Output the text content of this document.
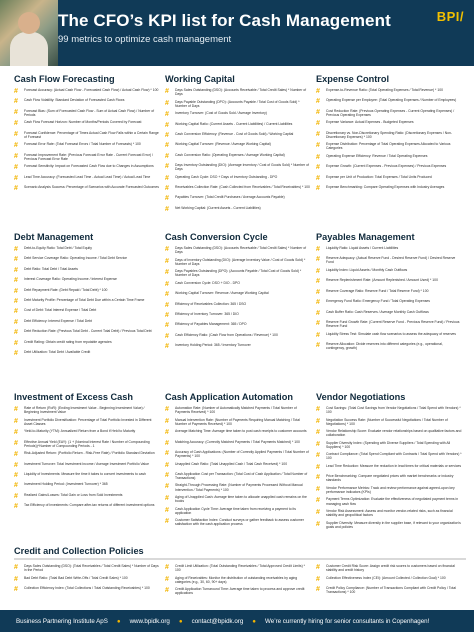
The CFO’s KPI list for Cash Management
99 metrics to optimize cash management
BPI/
Cash Flow Forecasting
#	Forecast Accuracy: (Actual Cash Flow - Forecasted Cash Flow) / Actual Cash Flow) * 100
#	Cash Flow Volatility: Standard Deviation of Forecasted Cash Flows
#	Forecast Bias: (Sum of Forecasted Cash Flow - Sum of Actual Cash Flow) / Number of Periods
#	Cash Flow Forecast Horizon: Number of Months/Periods Covered by Forecast
#	Forecast Confidence: Percentage of Times Actual Cash Flow Falls within a Certain Range of Forecast
#	Forecast Error Rate: (Total Forecast Errors / Total Number of Forecasts) * 100
#	Forecast Improvement Rate: (Previous Forecast Error Rate - Current Forecast Error) / Previous Forecast Error Rate
#	Forecast Sensitivity: Impact on Forecasted Cash Flow due to Changes in Assumptions
#	Lead Time Accuracy: (Forecasted Lead Time - Actual Lead Time) / Actual Lead Time
#	Scenario Analysis Success: Percentage of Scenarios with Accurate Forecasted Outcomes
Working Capital
#	Days Sales Outstanding (DSO): (Accounts Receivable / Total Credit Sales) * Number of Days
#	Days Payable Outstanding (DPO): (Accounts Payable / Total Cost of Goods Sold) * Number of Days
#	Inventory Turnover: (Cost of Goods Sold / Average Inventory)
#	Working Capital Ratio: (Current Assets - Current Liabilities) / Current Liabilities
#	Cash Conversion Efficiency: (Revenue - Cost of Goods Sold) / Working Capital
#	Working Capital Turnover: (Revenue / Average Working Capital)
#	Cash Conversion Ratio: (Operating Expenses / Average Working Capital)
#	Days Inventory Outstanding (DIO): (Average Inventory / Cost of Goods Sold) * Number of Days
#	Operating Cash Cycle: DSO + Days of Inventory Outstanding - DPO
#	Receivables Collection Rate: (Cash Collected from Receivables / Total Receivables) * 100
#	Payables Turnover: (Total Credit Purchases / Average Accounts Payable)
#	Net Working Capital: (Current Assets - Current Liabilities)
Expense Control
#	Expense-to-Revenue Ratio: (Total Operating Expenses / Total Revenue) * 100
#	Operating Expense per Employee: (Total Operating Expenses / Number of Employees)
#	Cost Reduction Rate: (Previous Operating Expenses - Current Operating Expenses) / Previous Operating Expenses
#	Expense Variance: Actual Expenses - Budgeted Expenses
#	Discretionary vs. Non-Discretionary Spending Ratio: (Discretionary Expenses / Non-Discretionary Expenses) * 100
#	Expense Distribution: Percentage of Total Operating Expenses Allocated to Various Categories
#	Operating Expense Efficiency: Revenue / Total Operating Expenses
#	Expense Growth: (Current Expenses - Previous Expenses) / Previous Expenses
#	Expense per Unit of Production: Total Expenses / Total Units Produced
#	Expense Benchmarking: Compare Operating Expenses with Industry Averages
Debt Management
#	Debt-to-Equity Ratio: Total Debt / Total Equity
#	Debt Service Coverage Ratio: Operating Income / Total Debt Service
#	Debt Ratio: Total Debt / Total Assets
#	Interest Coverage Ratio: Operating Income / Interest Expense
#	Debt Repayment Rate: (Debt Repaid / Total Debt) * 100
#	Debt Maturity Profile: Percentage of Total Debt Due within a Certain Time Frame
#	Cost of Debt: Total Interest Expense / Total Debt
#	Debt Efficiency: Interest Expense / Total Debt
#	Debt Reduction Rate: (Previous Total Debt - Current Total Debt) / Previous Total Debt
#	Credit Rating: Obtain credit rating from reputable agencies
#	Debt Utilization: Total Debt / Available Credit
Cash Conversion Cycle
#	Days Sales Outstanding (DSO): (Accounts Receivable / Total Credit Sales) * Number of Days
#	Days of Inventory Outstanding (DIO): (Average Inventory Value / Cost of Goods Sold) * Number of Days
#	Days Payables Outstanding (DPO): (Accounts Payable / Total Cost of Goods Sold) * Number of Days
#	Cash Conversion Cycle: DSO + DIO - DPO
#	Working Capital Turnover: Revenue / Average Working Capital
#	Efficiency of Receivables Collection: 365 / DSO
#	Efficiency of Inventory Turnover: 365 / DIO
#	Efficiency of Payables Management: 365 / DPO
#	Cash Efficiency Ratio: (Cash Flow from Operations / Revenue) * 100
#	Inventory Holding Period: 365 / Inventory Turnover
Payables Management
#	Liquidity Ratio: Liquid Assets / Current Liabilities
#	Reserve Adequacy: (Actual Reserve Fund - Desired Reserve Fund) / Desired Reserve Fund
#	Liquidity Index: Liquid Assets / Monthly Cash Outflows
#	Reserve Replenishment Rate: (Amount Replenished / Amount Used) * 100
#	Reserve Coverage Ratio: Reserve Fund / Total Reserve Fund) * 100
#	Emergency Fund Ratio: Emergency Fund / Total Operating Expenses
#	Cash Buffer Ratio: Cash Reserves / Average Monthly Cash Outflows
#	Reserve Fund Growth Rate: (Current Reserve Fund - Previous Reserve Fund) / Previous Reserve Fund
#	Liquidity Stress Test: Simulate cash flow scenarios to assess the adequacy of reserves
#	Reserve Allocation: Divide reserves into different categories (e.g., operational, contingency, growth)
Investment of Excess Cash
#	Rate of Return (RoR): (Ending Investment Value - Beginning Investment Value) / Beginning Investment Value
#	Investment Portfolio Diversification: Percentage of Total Portfolio Invested in Different Asset Classes
#	Yield-to-Maturity (YTM): Annualized Return from a Bond if Held to Maturity
#	Effective Annual Yield (EAY): (1 + (Nominal Interest Rate / Number of Compounding Periods))^Number of Compounding Periods - 1
#	Risk-Adjusted Return: (Portfolio Return - Risk-Free Rate) / Portfolio Standard Deviation
#	Investment Turnover: Total Investment Income / Average Investment Portfolio Value
#	Liquidity of Investments: Measure the time it takes to convert investments to cash
#	Investment Holding Period: (Investment Turnover) * 365
#	Realized Gains/Losses: Total Gain or Loss from Sold Investments
#	Tax Efficiency of Investments: Compare after-tax returns of different investment options
Cash Application Automation
#	Automation Rate: (Number of Automatically Matched Payments / Total Number of Payments Received) * 100
#	Manual Intervention Rate: (Number of Payments Requiring Manual Matching / Total Number of Payments Received) * 100
#	Average Matching Time: Average time taken to post cash receipts to customer accounts
#	Matching Accuracy: (Correctly Matched Payments / Total Payments Matched) * 100
#	Accuracy of Cash Applications: (Number of Correctly Applied Payments / Total Number of Payments) * 100
#	Unapplied Cash Ratio: (Total Unapplied Cash / Total Cash Received) * 100
#	Cash Application Cost per Transaction: (Total Cost of Cash Application / Total Number of Transactions)
#	Straight-Through Processing Rate: (Number of Payments Processed Without Manual Intervention / Total Payments) * 100
#	Aging of Unapplied Cash: Average time taken to allocate unapplied cash remains on the books
#	Cash Application Cycle Time: Average time taken from receiving a payment to its application
#	Customer Satisfaction Index: Conduct surveys or gather feedback to assess customer satisfaction with the cash application process
Vendor Negotiations
#	Cost Savings: (Total Cost Savings from Vendor Negotiations / Total Spend with Vendors) * 100
#	Negotiation Success Rate: (Number of Successful Negotiations / Total Number of Negotiations) * 100
#	Vendor Relationship Score: Evaluate vendor relationships based on qualitative factors and collaboration
#	Supplier Diversity Index: (Spending with Diverse Suppliers / Total Spending with All Suppliers) * 100
#	Contract Compliance: (Total Spend Compliant with Contracts / Total Spend with Vendors) * 100
#	Lead Time Reduction: Measure the reduction in lead times for critical materials or services
#	Price Benchmarking: Compare negotiated prices with market benchmarks or industry standards
#	Vendor Performance Metrics: Track and review performance against agreed-upon key performance indicators (KPIs)
#	Payment Terms Optimization: Evaluate the effectiveness of negotiated payment terms in managing cash flow
#	Vendor Risk Assessment: Assess and monitor vendor-related risks, such as financial stability and geopolitical factors
#	Supplier Diversity: Measure diversity in the supplier base, if relevant to your organization's goals and policies
Credit and Collection Policies
#	Days Sales Outstanding (DSO): (Total Receivables / Total Credit Sales) * Number of Days in the Period
#	Bad Debt Ratio: (Total Bad Debt Write-Offs / Total Credit Sales) * 100
#	Collection Efficiency Index: (Total Collections / Total Outstanding Receivables) * 100
#	Credit Limit Utilization: (Total Outstanding Receivables / Total Approved Credit Limits) * 100
#	Aging of Receivables: Monitor the distribution of outstanding receivables by aging categories (e.g., 30, 60, 90+ days)
#	Credit Application Turnaround Time: Average time taken to process and approve credit applications
#	Customer Credit Risk Score: Assign credit risk scores to customers based on financial stability and credit history
#	Collection Effectiveness Index (CEI): (Amount Collected / Collection Goal) * 100
#	Credit Policy Compliance: (Number of Transactions Compliant with Credit Policy / Total Transactions) * 100
Business Partnering Institute ApS ● www.bpidk.org ● contact@bpidk.org ● We’re currently hiring for senior consultants in Copenhagen!
